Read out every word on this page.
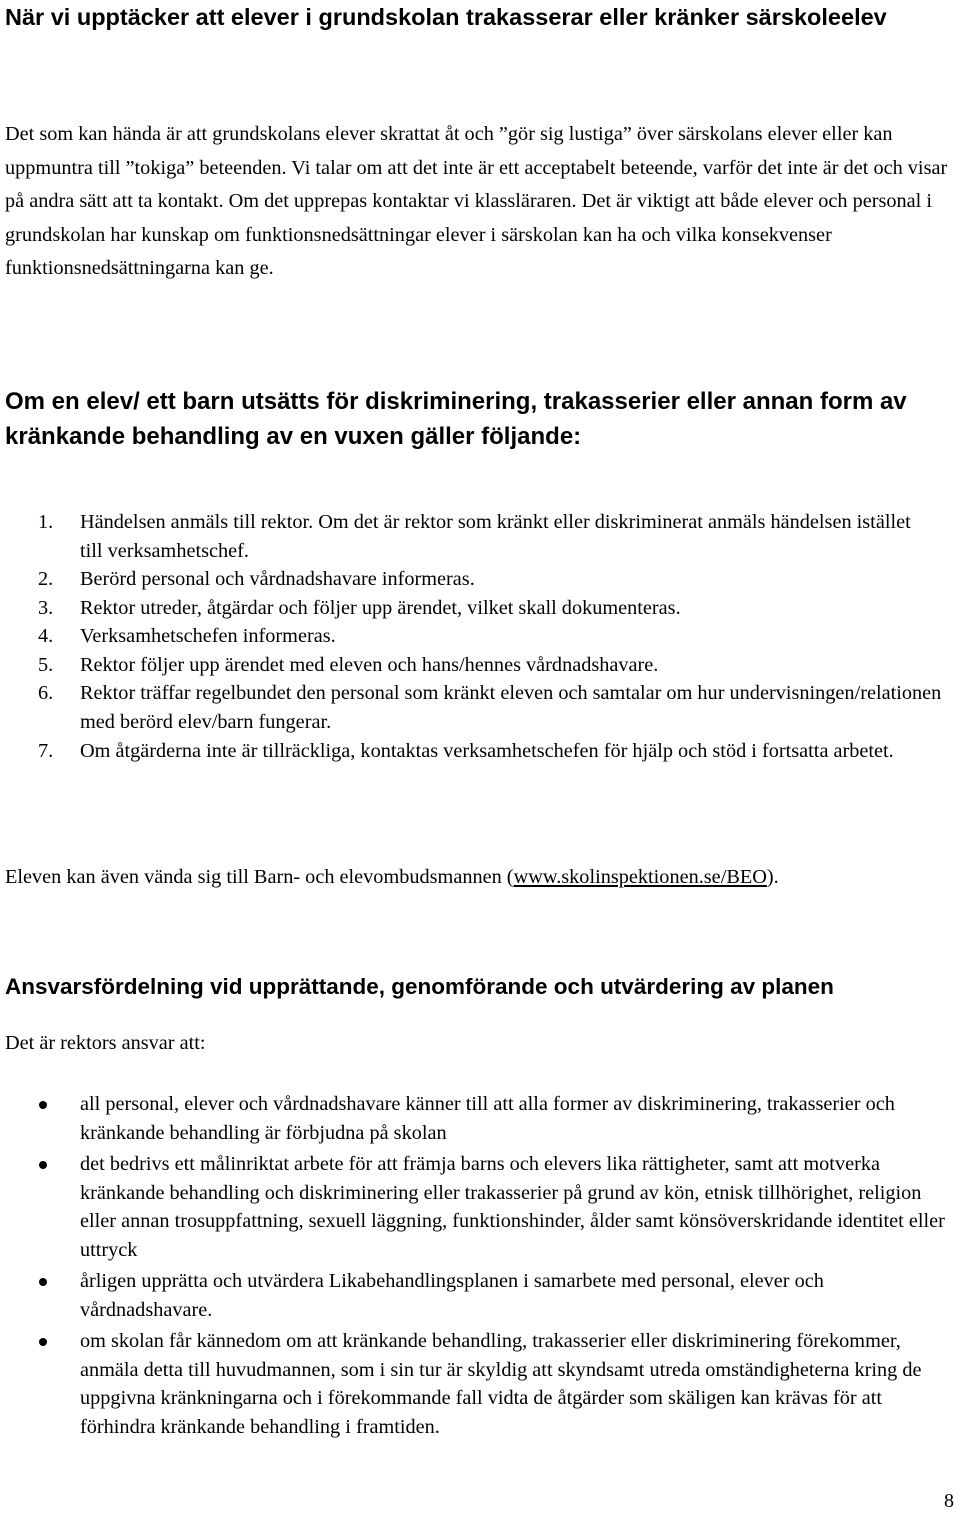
När vi upptäcker att elever i grundskolan trakasserar eller kränker särskoleelev

Det som kan hända är att grundskolans elever skrattat åt och ”gör sig lustiga” över särskolans elever eller kan uppmuntra till ”tokiga” beteenden. Vi talar om att det inte är ett acceptabelt beteende, varför det inte är det och visar på andra sätt att ta kontakt. Om det upprepas kontaktar vi klassläraren. Det är viktigt att både elever och personal i grundskolan har kunskap om funktionsnedsättningar elever i särskolan kan ha och vilka konsekvenser funktionsnedsättningarna kan ge.

Om en elev/ ett barn utsätts för diskriminering, trakasserier eller annan form av kränkande behandling av en vuxen gäller följande:
1. Händelsen anmäls till rektor. Om det är rektor som kränkt eller diskriminerat anmäls händelsen istället
till verksamhetschef.
2. Berörd personal och vårdnadshavare informeras.
3. Rektor utreder, åtgärdar och följer upp ärendet, vilket skall dokumenteras.
4. Verksamhetschefen informeras.
5. Rektor följer upp ärendet med eleven och hans/hennes vårdnadshavare.
6. Rektor träffar regelbundet den personal som kränkt eleven och samtalar om hur undervisningen/relationen med berörd elev/barn fungerar.
7. Om åtgärderna inte är tillräckliga, kontaktas verksamhetschefen för hjälp och stöd i fortsatta arbetet.

Eleven kan även vända sig till Barn- och elevombudsmannen (www.skolinspektionen.se/BEO).

Ansvarsfördelning vid upprättande, genomförande och utvärdering av planen

Det är rektors ansvar att:

all personal, elever och vårdnadshavare känner till att alla former av diskriminering, trakasserier och kränkande behandling är förbjudna på skolan
det bedrivs ett målinriktat arbete för att främja barns och elevers lika rättigheter, samt att motverka kränkande behandling och diskriminering eller trakasserier på grund av kön, etnisk tillhörighet, religion eller annan trosuppfattning, sexuell läggning, funktionshinder, ålder samt könsöverskridande identitet eller uttryck
årligen upprätta och utvärdera Likabehandlingsplanen i samarbete med personal, elever och vårdnadshavare.
om skolan får kännedom om att kränkande behandling, trakasserier eller diskriminering förekommer, anmäla detta till huvudmannen, som i sin tur är skyldig att skyndsamt utreda omständigheterna kring de uppgivna kränkningarna och i förekommande fall vidta de åtgärder som skäligen kan krävas för att förhindra kränkande behandling i framtiden.
8
